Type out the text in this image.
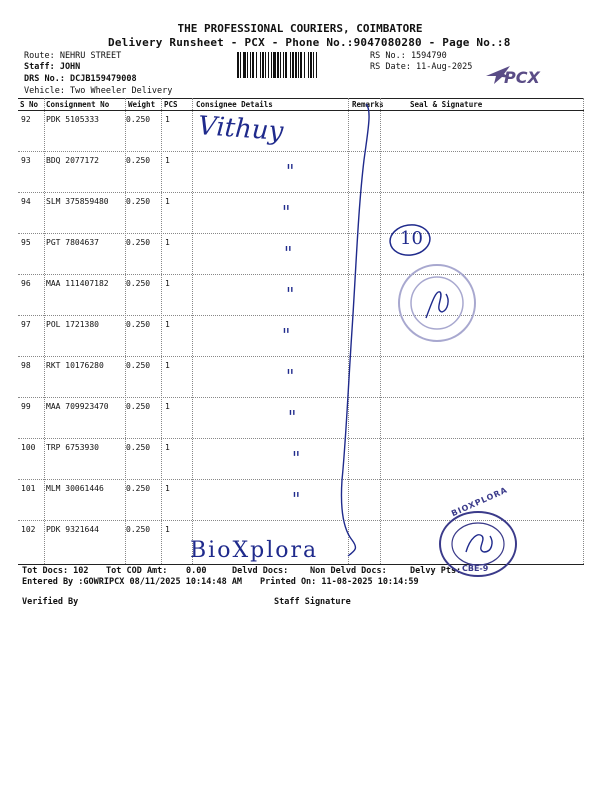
THE PROFESSIONAL COURIERS, COIMBATORE
Delivery Runsheet - PCX - Phone No.:9047080280 - Page No.:8
Route: NEHRU STREET
Staff: JOHN
DRS No.: DCJB159479008
Vehicle: Two Wheeler Delivery
RS No.: 1594790
RS Date: 11-Aug-2025
PCX
S No Consignment No	Weight PCS Consignee Details	Remarks	Seal & Signature
92 PDK 5105333	0.250 1
93 BDQ 2077172	0.250 1
94 SLM 375859480 0.250 1
95 PGT 7804637	0.250 1
96 MAA 111407182 0.250 1
97 POL 1721380	0.250 1
98 RKT 10176280	0.250 1
99 MAA 709923470 0.250 1
100 TRP 6753930	0.250 1
101 MLM 30061446	0.250 1
102 PDK 9321644	0.250 1
Tot Docs: 102 Tot COD Amt: 0.00	Delvd Docs:	Non Delvd Docs:	Delvy Pts:
Entered By :GOWRIPCX 08/11/2025 10:14:48 AM Printed On: 11-08-2025 10:14:59
Verified By	Staff Signature
Vithuy
"
"
"
"
"
"
"
"
"
10
BIOXPLORA
CBE-9
BioXplora
